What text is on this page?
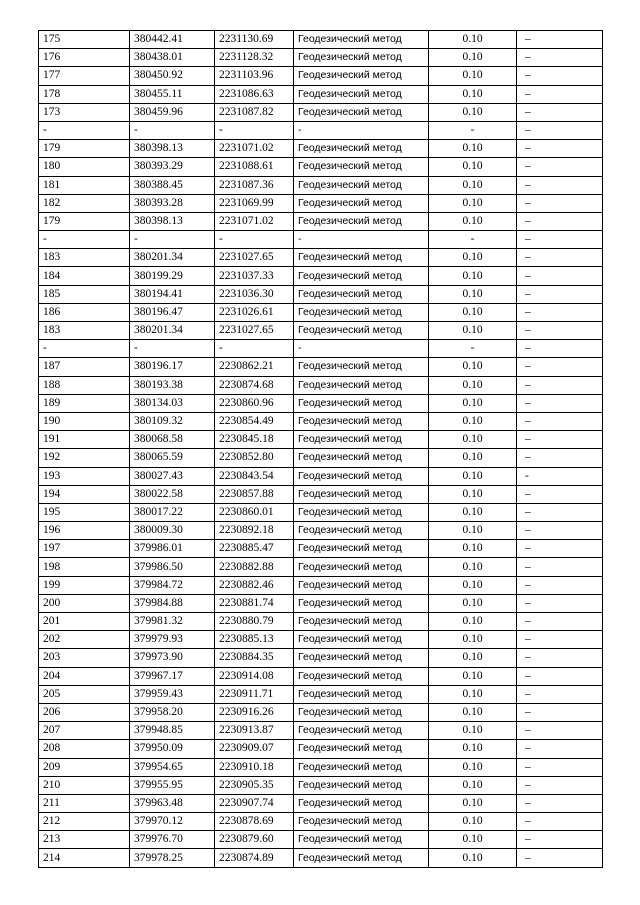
175	380442.41	2231130.69	Геодезический метод	0.10	–
176	380438.01	2231128.32	Геодезический метод	0.10	–
177	380450.92	2231103.96	Геодезический метод	0.10	–
178	380455.11	2231086.63	Геодезический метод	0.10	–
173	380459.96	2231087.82	Геодезический метод	0.10	–
-	-	-	-	-	–
179	380398.13	2231071.02	Геодезический метод	0.10	–
180	380393.29	2231088.61	Геодезический метод	0.10	–
181	380388.45	2231087.36	Геодезический метод	0.10	–
182	380393.28	2231069.99	Геодезический метод	0.10	–
179	380398.13	2231071.02	Геодезический метод	0.10	–
-	-	-	-	-	–
183	380201.34	2231027.65	Геодезический метод	0.10	–
184	380199.29	2231037.33	Геодезический метод	0.10	–
185	380194.41	2231036.30	Геодезический метод	0.10	–
186	380196.47	2231026.61	Геодезический метод	0.10	–
183	380201.34	2231027.65	Геодезический метод	0.10	–
-	-	-	-	-	–
187	380196.17	2230862.21	Геодезический метод	0.10	–
188	380193.38	2230874.68	Геодезический метод	0.10	–
189	380134.03	2230860.96	Геодезический метод	0.10	–
190	380109.32	2230854.49	Геодезический метод	0.10	–
191	380068.58	2230845.18	Геодезический метод	0.10	–
192	380065.59	2230852.80	Геодезический метод	0.10	–
193	380027.43	2230843.54	Геодезический метод	0.10	-
194	380022.58	2230857.88	Геодезический метод	0.10	–
195	380017.22	2230860.01	Геодезический метод	0.10	–
196	380009.30	2230892.18	Геодезический метод	0.10	–
197	379986.01	2230885.47	Геодезический метод	0.10	–
198	379986.50	2230882.88	Геодезический метод	0.10	–
199	379984.72	2230882.46	Геодезический метод	0.10	–
200	379984.88	2230881.74	Геодезический метод	0.10	–
201	379981.32	2230880.79	Геодезический метод	0.10	–
202	379979.93	2230885.13	Геодезический метод	0.10	–
203	379973.90	2230884.35	Геодезический метод	0.10	–
204	379967.17	2230914.08	Геодезический метод	0.10	–
205	379959.43	2230911.71	Геодезический метод	0.10	–
206	379958.20	2230916.26	Геодезический метод	0.10	–
207	379948.85	2230913.87	Геодезический метод	0.10	–
208	379950.09	2230909.07	Геодезический метод	0.10	–
209	379954.65	2230910.18	Геодезический метод	0.10	–
210	379955.95	2230905.35	Геодезический метод	0.10	–
211	379963.48	2230907.74	Геодезический метод	0.10	–
212	379970.12	2230878.69	Геодезический метод	0.10	–
213	379976.70	2230879.60	Геодезический метод	0.10	–
214	379978.25	2230874.89	Геодезический метод	0.10	–
